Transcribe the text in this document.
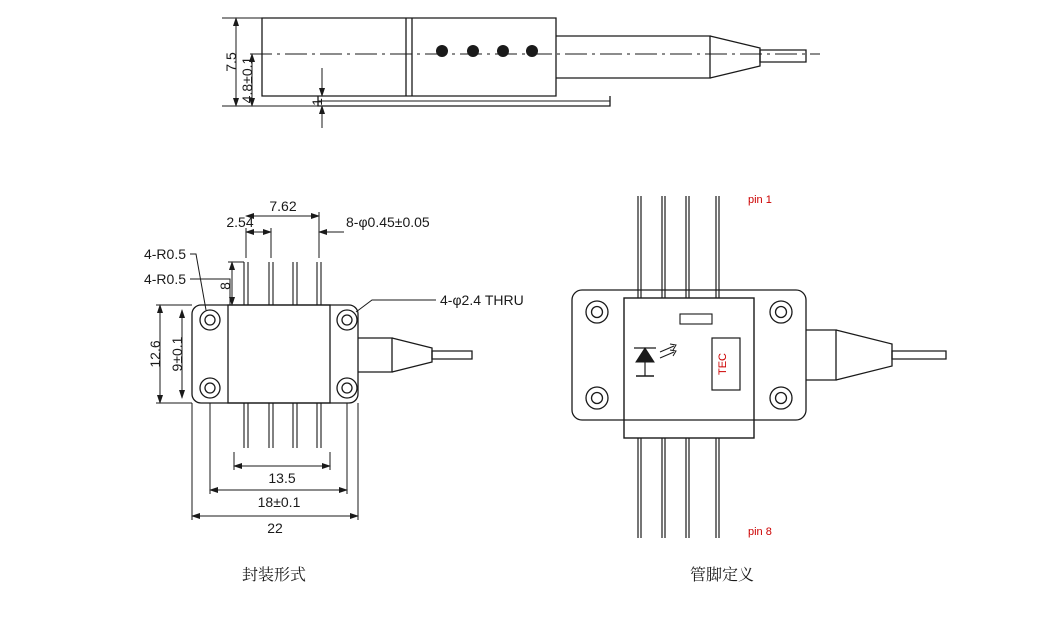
7.5 4.8±0.1	1
2.54
7.62
8-φ0.45±0.05
4-R0.5
4-R0.5 8
12.6 9±0.1
4-φ2.4 THRU
13.5
18±0.1
22
pin 1
pin 8
TEC
封装形式	管脚定义
